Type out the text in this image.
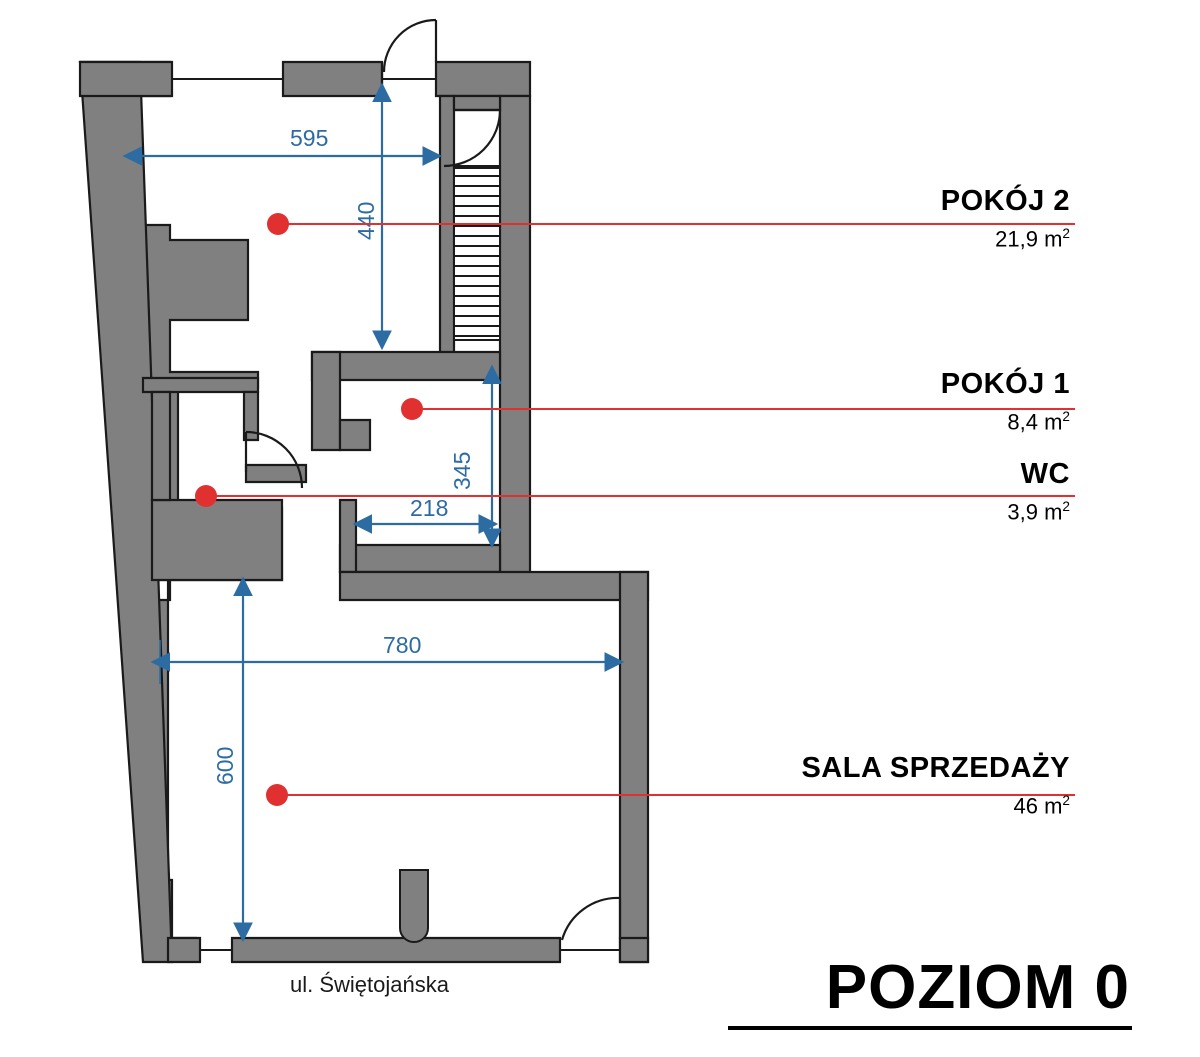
595
440
345
218
780
600
POKÓJ 2
21,9 $m^2$
POKÓJ 1
8,4 $m^2$
WC
3,9 $m^2$
SALA SPRZEDAŻY
46 $m^2$
ul. Świętojańska	POZIOM 0
